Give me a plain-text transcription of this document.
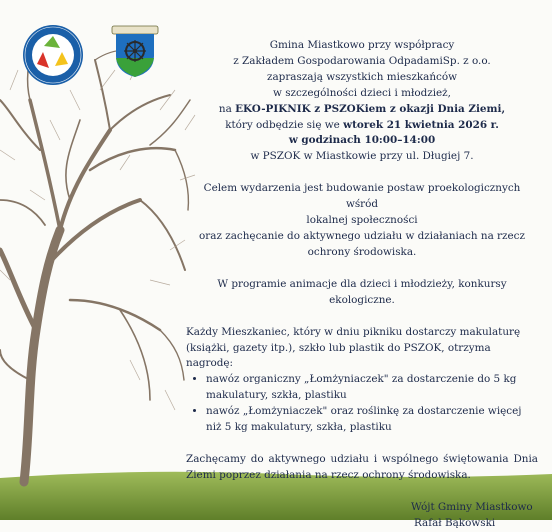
Gmina Miastkowo przy współpracy
z Zakładem Gospodarowania OdpadamiSp. z o.o.
zapraszają wszystkich mieszkańców
w szczególności dzieci i młodzież,
na EKO-PIKNIK z PSZOKiem z okazji Dnia Ziemi,
który odbędzie się we wtorek 21 kwietnia 2026 r.
w godzinach 10:00–14:00
w PSZOK w Miastkowie przy ul. Długiej 7.
Celem wydarzenia jest budowanie postaw proekologicznych wśród
lokalnej społeczności
oraz zachęcanie do aktywnego udziału w działaniach na rzecz
ochrony środowiska.
W programie animacje dla dzieci i młodzieży, konkursy ekologiczne.
Każdy Mieszkaniec, który w dniu pikniku dostarczy makulaturę
(książki, gazety itp.), szkło lub plastik do PSZOK, otrzyma nagrodę:
• nawóz organiczny „Łomżyniaczek" za dostarczenie do 5 kg makulatury, szkła, plastiku
• nawóz „Łomżyniaczek" oraz roślinkę za dostarczenie więcej niż 5 kg makulatury, szkła, plastiku
Zachęcamy do aktywnego udziału i wspólnego świętowania Dnia Ziemi poprzez działania na rzecz ochrony środowiska.
Wójt Gminy Miastkowo
Rafał Bąkowski
